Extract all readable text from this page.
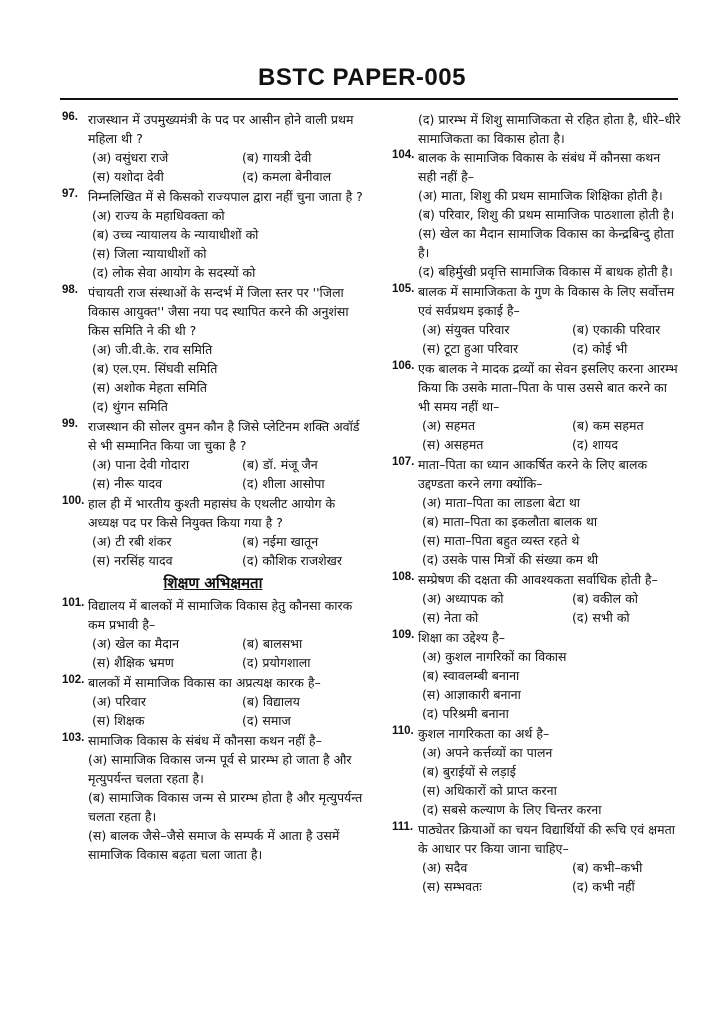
BSTC PAPER-005
96. राजस्थान में उपमुख्यमंत्री के पद पर आसीन होने वाली प्रथम महिला थी ?
(अ) वसुंधरा राजे	(ब) गायत्री देवी
(स) यशोदा देवी	(द) कमला बेनीवाल
97. निम्नलिखित में से किसको राज्यपाल द्वारा नहीं चुना जाता है ?
(अ) राज्य के महाधिवक्ता को
(ब) उच्च न्यायालय के न्यायाधीशों को
(स) जिला न्यायाधीशों को
(द) लोक सेवा आयोग के सदस्यों को
98. पंचायती राज संस्थाओं के सन्दर्भ में जिला स्तर पर ''जिला विकास आयुक्त'' जैसा नया पद स्थापित करने की अनुशंसा किस समिति ने की थी ?
(अ) जी.वी.के. राव समिति
(ब) एल.एम. सिंघवी समिति
(स) अशोक मेहता समिति
(द) थुंगन समिति
99. राजस्थान की सोलर वुमन कौन है जिसे प्लेटिनम शक्ति अवॉर्ड से भी सम्मानित किया जा चुका है ?
(अ) पाना देवी गोदारा	(ब) डॉ. मंजू जैन
(स) नीरू यादव	(द) शीला आसोपा
100. हाल ही में भारतीय कुश्ती महासंघ के एथलीट आयोग के अध्यक्ष पद पर किसे नियुक्त किया गया है ?
(अ) टी रबी शंकर	(ब) नईमा खातून
(स) नरसिंह यादव	(द) कौशिक राजशेखर
शिक्षण अभिक्षमता
101. विद्यालय में बालकों में सामाजिक विकास हेतु कौनसा कारक कम प्रभावी है–
(अ) खेल का मैदान	(ब) बालसभा
(स) शैक्षिक भ्रमण	(द) प्रयोगशाला
102. बालकों में सामाजिक विकास का अप्रत्यक्ष कारक है–
(अ) परिवार	(ब) विद्यालय
(स) शिक्षक	(द) समाज
103. सामाजिक विकास के संबंध में कौनसा कथन नहीं है–
(अ) सामाजिक विकास जन्म पूर्व से प्रारम्भ हो जाता है और मृत्युपर्यन्त चलता रहता है।
(ब) सामाजिक विकास जन्म से प्रारम्भ होता है और मृत्युपर्यन्त चलता रहता है।
(स) बालक जैसे–जैसे समाज के सम्पर्क में आता है उसमें सामाजिक विकास बढ़ता चला जाता है।
(द) प्रारम्भ में शिशु सामाजिकता से रहित होता है, धीरे–धीरे सामाजिकता का विकास होता है।
104. बालक के सामाजिक विकास के संबंध में कौनसा कथन सही नहीं है–
(अ) माता, शिशु की प्रथम सामाजिक शिक्षिका होती है।
(ब) परिवार, शिशु की प्रथम सामाजिक पाठशाला होती है।
(स) खेल का मैदान सामाजिक विकास का केन्द्रबिन्दु होता है।
(द) बहिर्मुखी प्रवृत्ति सामाजिक विकास में बाधक होती है।
105. बालक में सामाजिकता के गुण के विकास के लिए सर्वोत्तम एवं सर्वप्रथम इकाई है–
(अ) संयुक्त परिवार	(ब) एकाकी परिवार
(स) टूटा हुआ परिवार	(द) कोई भी
106. एक बालक ने मादक द्रव्यों का सेवन इसलिए करना आरम्भ किया कि उसके माता–पिता के पास उससे बात करने का भी समय नहीं था–
(अ) सहमत	(ब) कम सहमत
(स) असहमत	(द) शायद
107. माता–पिता का ध्यान आकर्षित करने के लिए बालक उद्दण्डता करने लगा क्योंकि–
(अ) माता–पिता का लाडला बेटा था
(ब) माता–पिता का इकलौता बालक था
(स) माता–पिता बहुत व्यस्त रहते थे
(द) उसके पास मित्रों की संख्या कम थी
108. सम्प्रेषण की दक्षता की आवश्यकता सर्वाधिक होती है–
(अ) अध्यापक को	(ब) वकील को
(स) नेता को	(द) सभी को
109. शिक्षा का उद्देश्य है–
(अ) कुशल नागरिकों का विकास
(ब) स्वावलम्बी बनाना
(स) आज्ञाकारी बनाना
(द) परिश्रमी बनाना
110. कुशल नागरिकता का अर्थ है–
(अ) अपने कर्त्तव्यों का पालन
(ब) बुराईयों से लड़ाई
(स) अधिकारों को प्राप्त करना
(द) सबसे कल्याण के लिए चिन्तर करना
111. पाठ्येतर क्रियाओं का चयन विद्यार्थियों की रूचि एवं क्षमता के आधार पर किया जाना चाहिए–
(अ) सदैव	(ब) कभी–कभी
(स) सम्भवतः	(द) कभी नहीं
